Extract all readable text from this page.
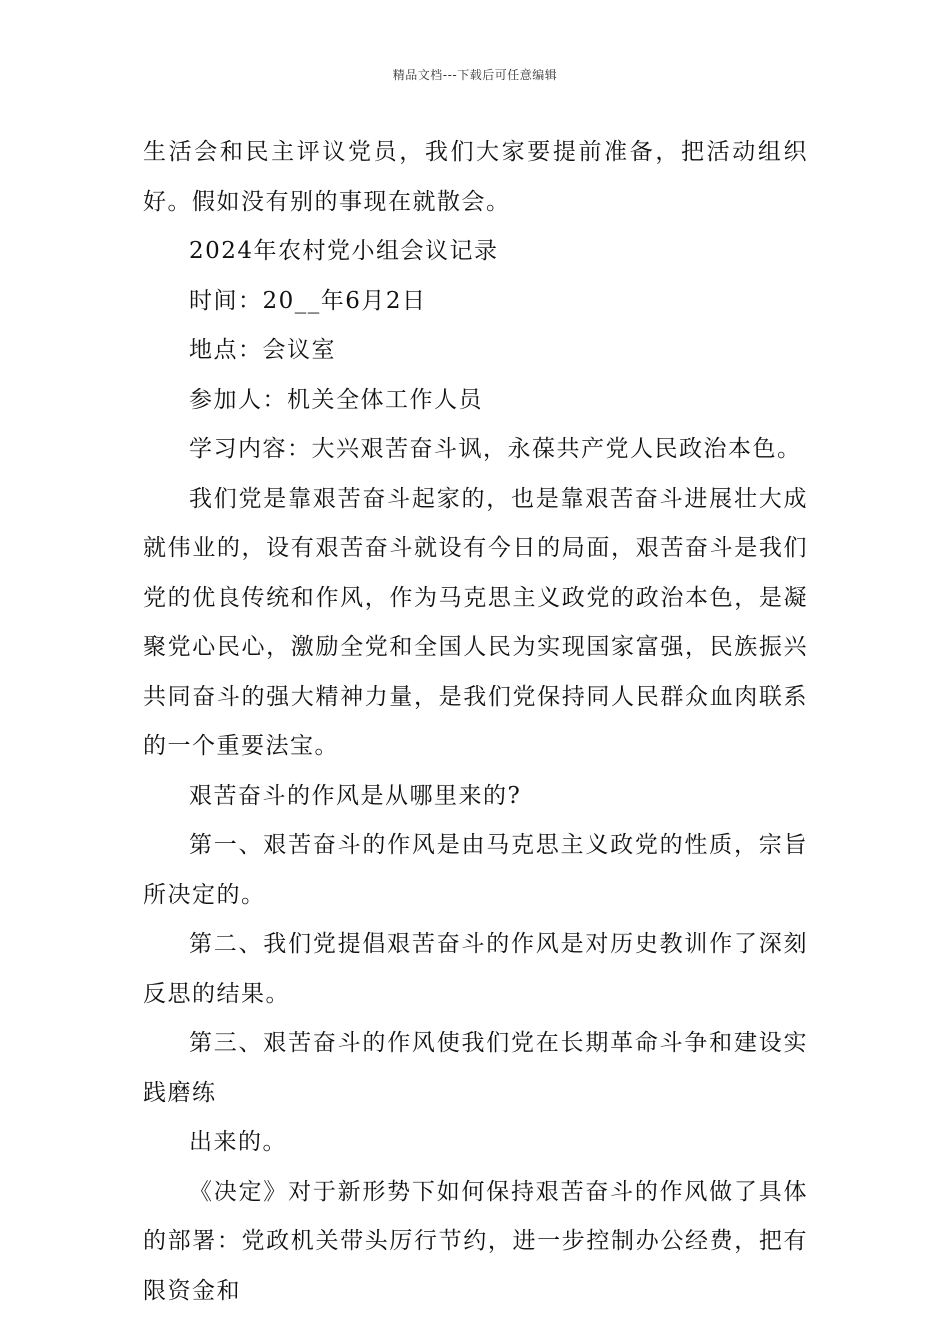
精品文档---下载后可任意编辑

生活会和民主评议党员，我们大家要提前准备，把活动组织好。假如没有别的事现在就散会。

2024年农村党小组会议记录

时间：20__年6月2日

地点：会议室

参加人：机关全体工作人员

学习内容：大兴艰苦奋斗讽，永葆共产党人民政治本色。

我们党是靠艰苦奋斗起家的，也是靠艰苦奋斗进展壮大成就伟业的，设有艰苦奋斗就设有今日的局面，艰苦奋斗是我们党的优良传统和作风，作为马克思主义政党的政治本色，是凝聚党心民心，激励全党和全国人民为实现国家富强，民族振兴共同奋斗的强大精神力量，是我们党保持同人民群众血肉联系的一个重要法宝。

艰苦奋斗的作风是从哪里来的?

第一、艰苦奋斗的作风是由马克思主义政党的性质，宗旨所决定的。

第二、我们党提倡艰苦奋斗的作风是对历史教训作了深刻反思的结果。

第三、艰苦奋斗的作风使我们党在长期革命斗争和建设实践磨练

出来的。

《决定》对于新形势下如何保持艰苦奋斗的作风做了具体的部署：党政机关带头厉行节约，进一步控制办公经费，把有限资金和
